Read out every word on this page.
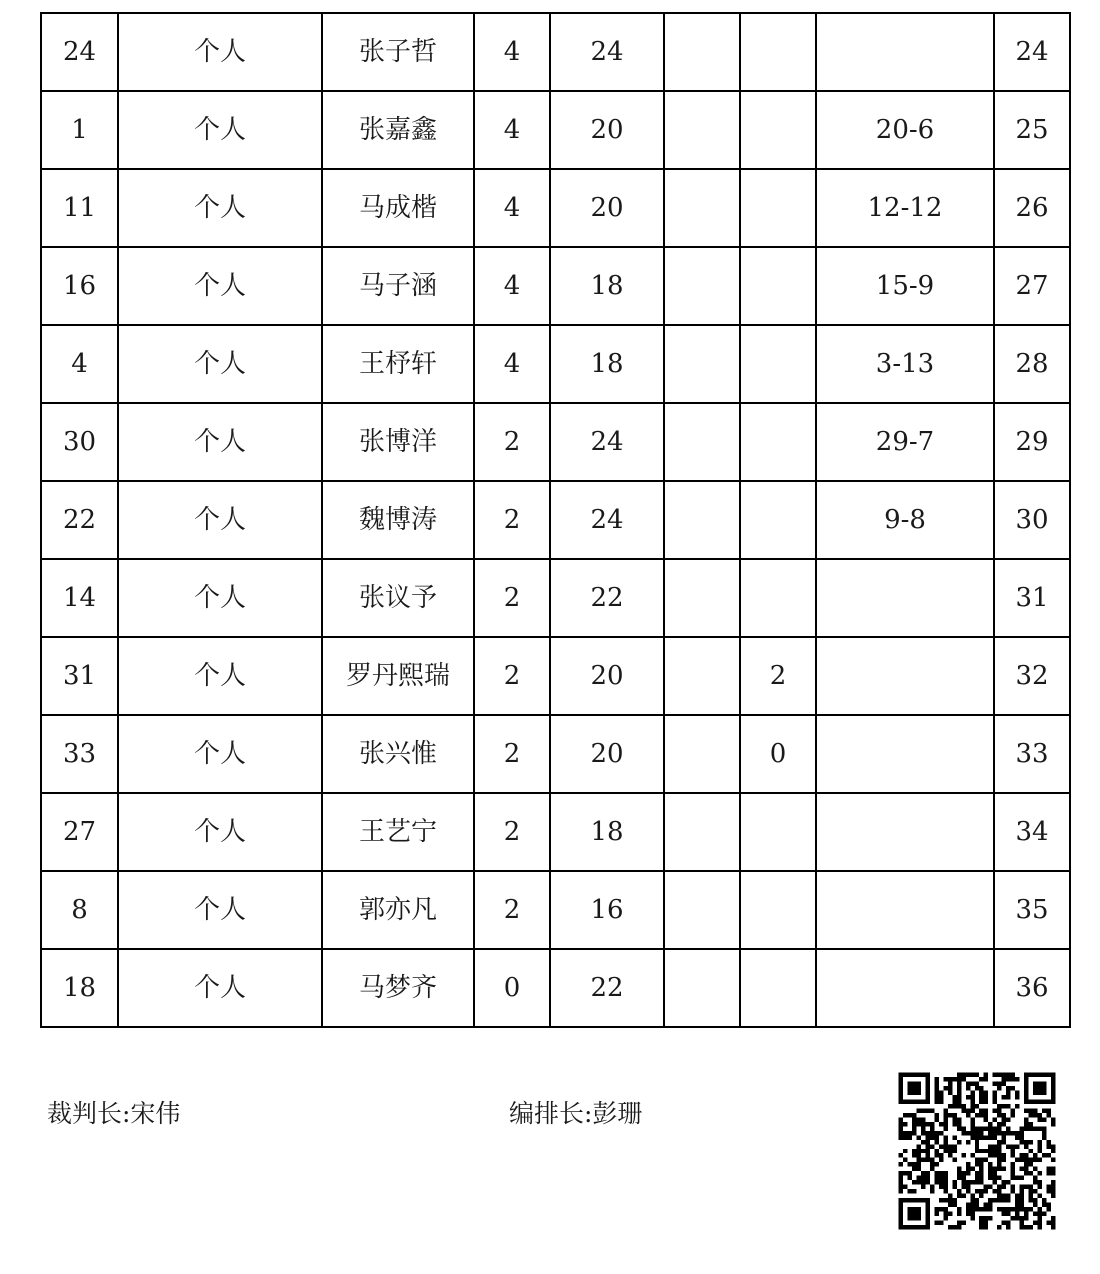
24	个人	张子哲	4	24				24
1	个人	张嘉鑫	4	20			20-6	25
11	个人	马成楷	4	20			12-12	26
16	个人	马子涵	4	18			15-9	27
4	个人	王杼轩	4	18			3-13	28
30	个人	张博洋	2	24			29-7	29
22	个人	魏博涛	2	24			9-8	30
14	个人	张议予	2	22				31
31	个人	罗丹熙瑞	2	20		2		32
33	个人	张兴惟	2	20		0		33
27	个人	王艺宁	2	18				34
8	个人	郭亦凡	2	16				35
18	个人	马梦齐	0	22				36
裁判长:宋伟	编排长:彭珊
